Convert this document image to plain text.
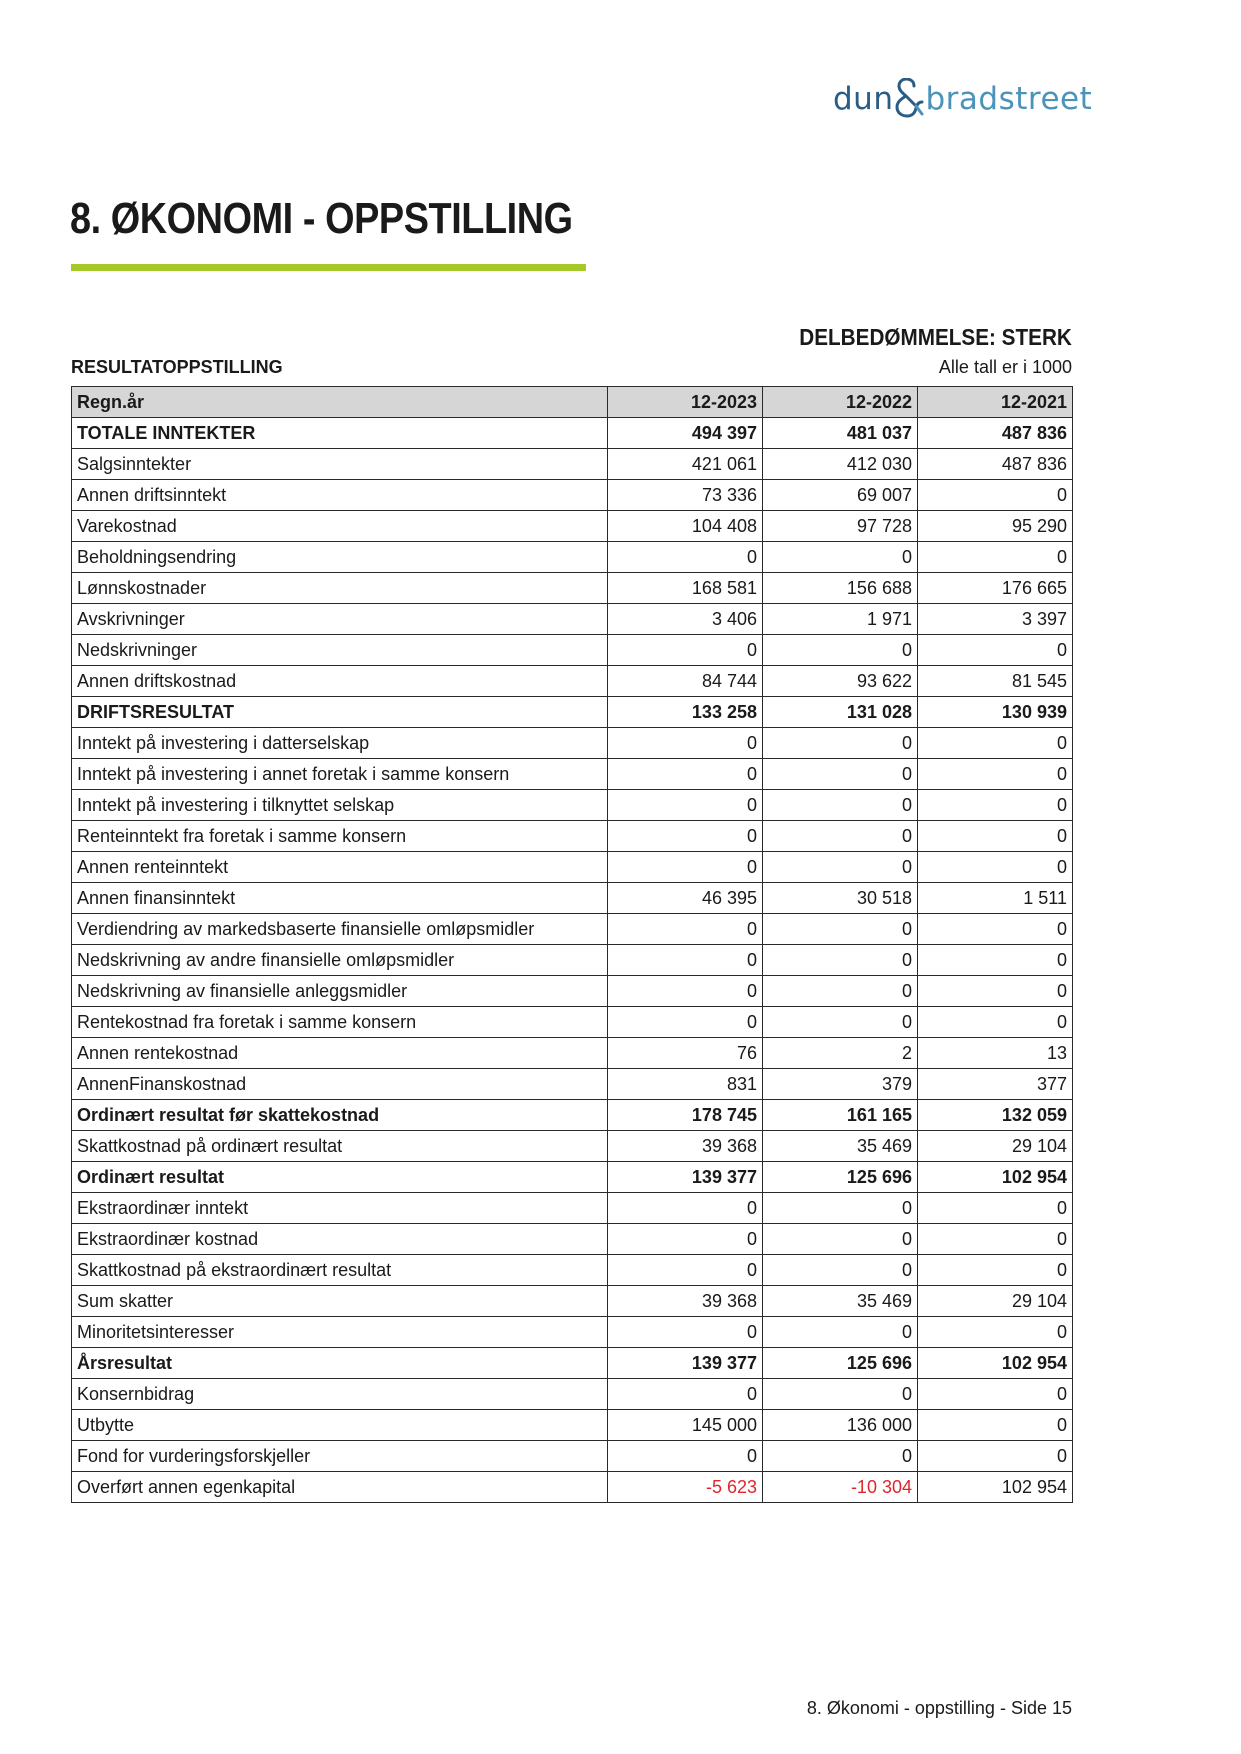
dun bradstreet
8. ØKONOMI - OPPSTILLING
DELBEDØMMELSE: STERK
RESULTATOPPSTILLING	Alle tall er i 1000
Regn.år	12-2023	12-2022	12-2021
TOTALE INNTEKTER	494 397	481 037	487 836
Salgsinntekter	421 061	412 030	487 836
Annen driftsinntekt	73 336	69 007	0
Varekostnad	104 408	97 728	95 290
Beholdningsendring	0	0	0
Lønnskostnader	168 581	156 688	176 665
Avskrivninger	3 406	1 971	3 397
Nedskrivninger	0	0	0
Annen driftskostnad	84 744	93 622	81 545
DRIFTSRESULTAT	133 258	131 028	130 939
Inntekt på investering i datterselskap	0	0	0
Inntekt på investering i annet foretak i samme konsern	0	0	0
Inntekt på investering i tilknyttet selskap	0	0	0
Renteinntekt fra foretak i samme konsern	0	0	0
Annen renteinntekt	0	0	0
Annen finansinntekt	46 395	30 518	1 511
Verdiendring av markedsbaserte finansielle omløpsmidler	0	0	0
Nedskrivning av andre finansielle omløpsmidler	0	0	0
Nedskrivning av finansielle anleggsmidler	0	0	0
Rentekostnad fra foretak i samme konsern	0	0	0
Annen rentekostnad	76	2	13
AnnenFinanskostnad	831	379	377
Ordinært resultat før skattekostnad	178 745	161 165	132 059
Skattkostnad på ordinært resultat	39 368	35 469	29 104
Ordinært resultat	139 377	125 696	102 954
Ekstraordinær inntekt	0	0	0
Ekstraordinær kostnad	0	0	0
Skattkostnad på ekstraordinært resultat	0	0	0
Sum skatter	39 368	35 469	29 104
Minoritetsinteresser	0	0	0
Årsresultat	139 377	125 696	102 954
Konsernbidrag	0	0	0
Utbytte	145 000	136 000	0
Fond for vurderingsforskjeller	0	0	0
Overført annen egenkapital	-5 623	-10 304	102 954
8. Økonomi - oppstilling - Side 15
